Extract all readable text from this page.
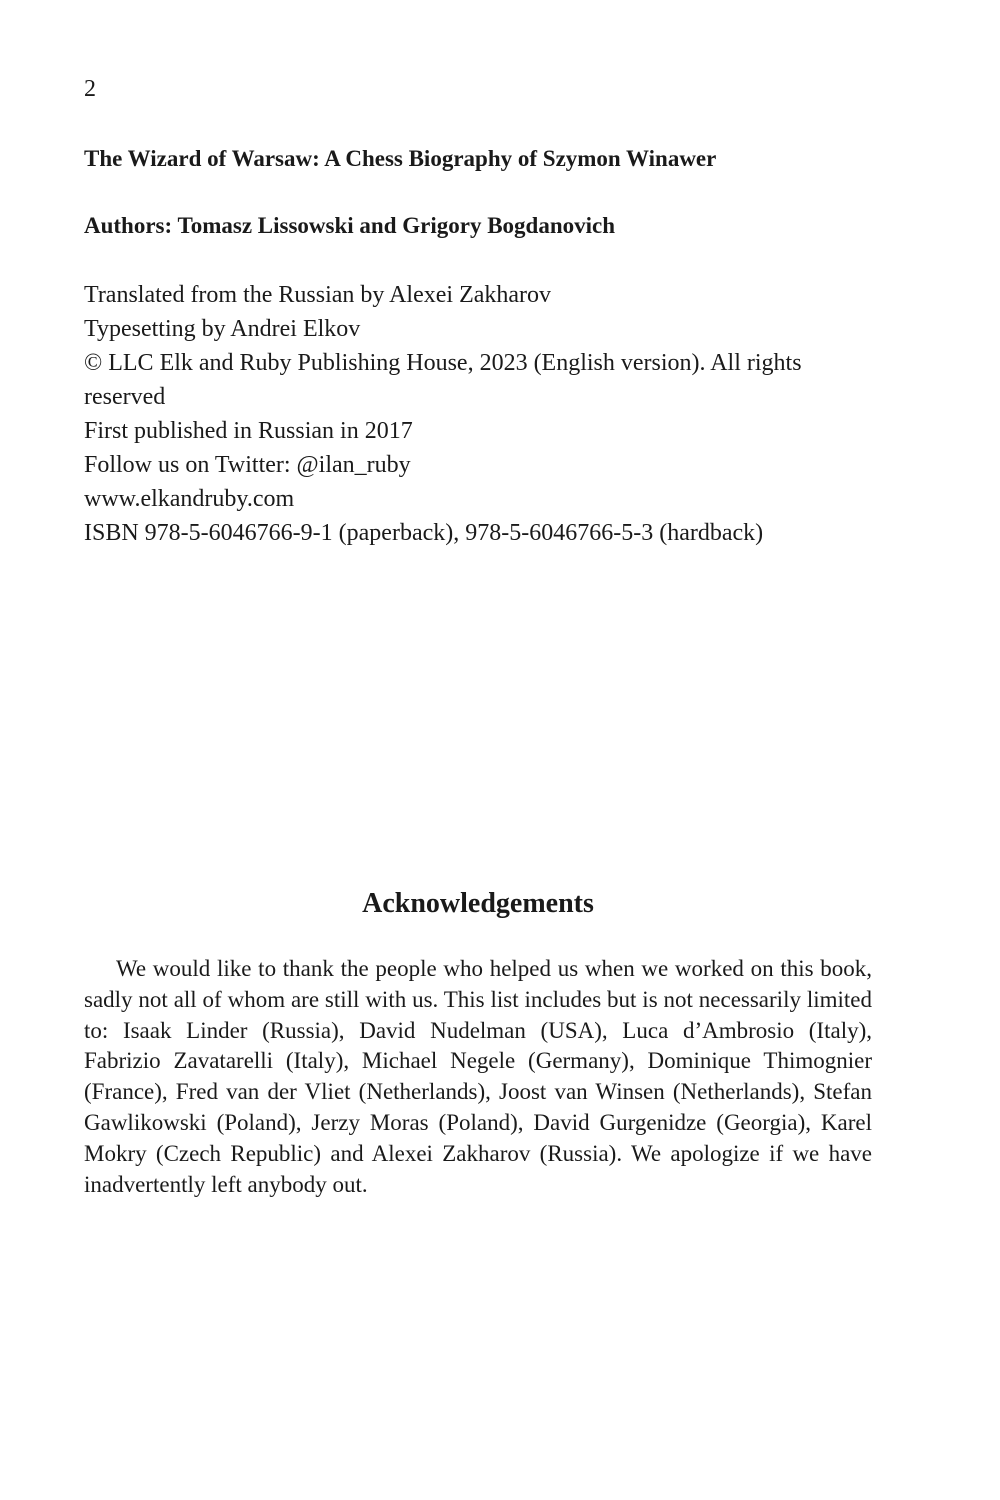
2
The Wizard of Warsaw: A Chess Biography of Szymon Winawer
Authors: Tomasz Lissowski and Grigory Bogdanovich
Translated from the Russian by Alexei Zakharov
Typesetting by Andrei Elkov
© LLC Elk and Ruby Publishing House, 2023 (English version). All rights reserved
First published in Russian in 2017
Follow us on Twitter: @ilan_ruby
www.elkandruby.com
ISBN 978-5-6046766-9-1 (paperback), 978-5-6046766-5-3 (hardback)
Acknowledgements
We would like to thank the people who helped us when we worked on this book, sadly not all of whom are still with us. This list includes but is not necessarily limited to: Isaak Linder (Russia), David Nudelman (USA), Luca d’Ambrosio (Italy), Fabrizio Zavatarelli (Italy), Michael Negele (Germany), Dominique Thimognier (France), Fred van der Vliet (Netherlands), Joost van Winsen (Netherlands), Stefan Gawlikowski (Poland), Jerzy Moras (Poland), David Gurgenidze (Georgia), Karel Mokry (Czech Republic) and Alexei Zakharov (Russia). We apologize if we have inadvertently left anybody out.
